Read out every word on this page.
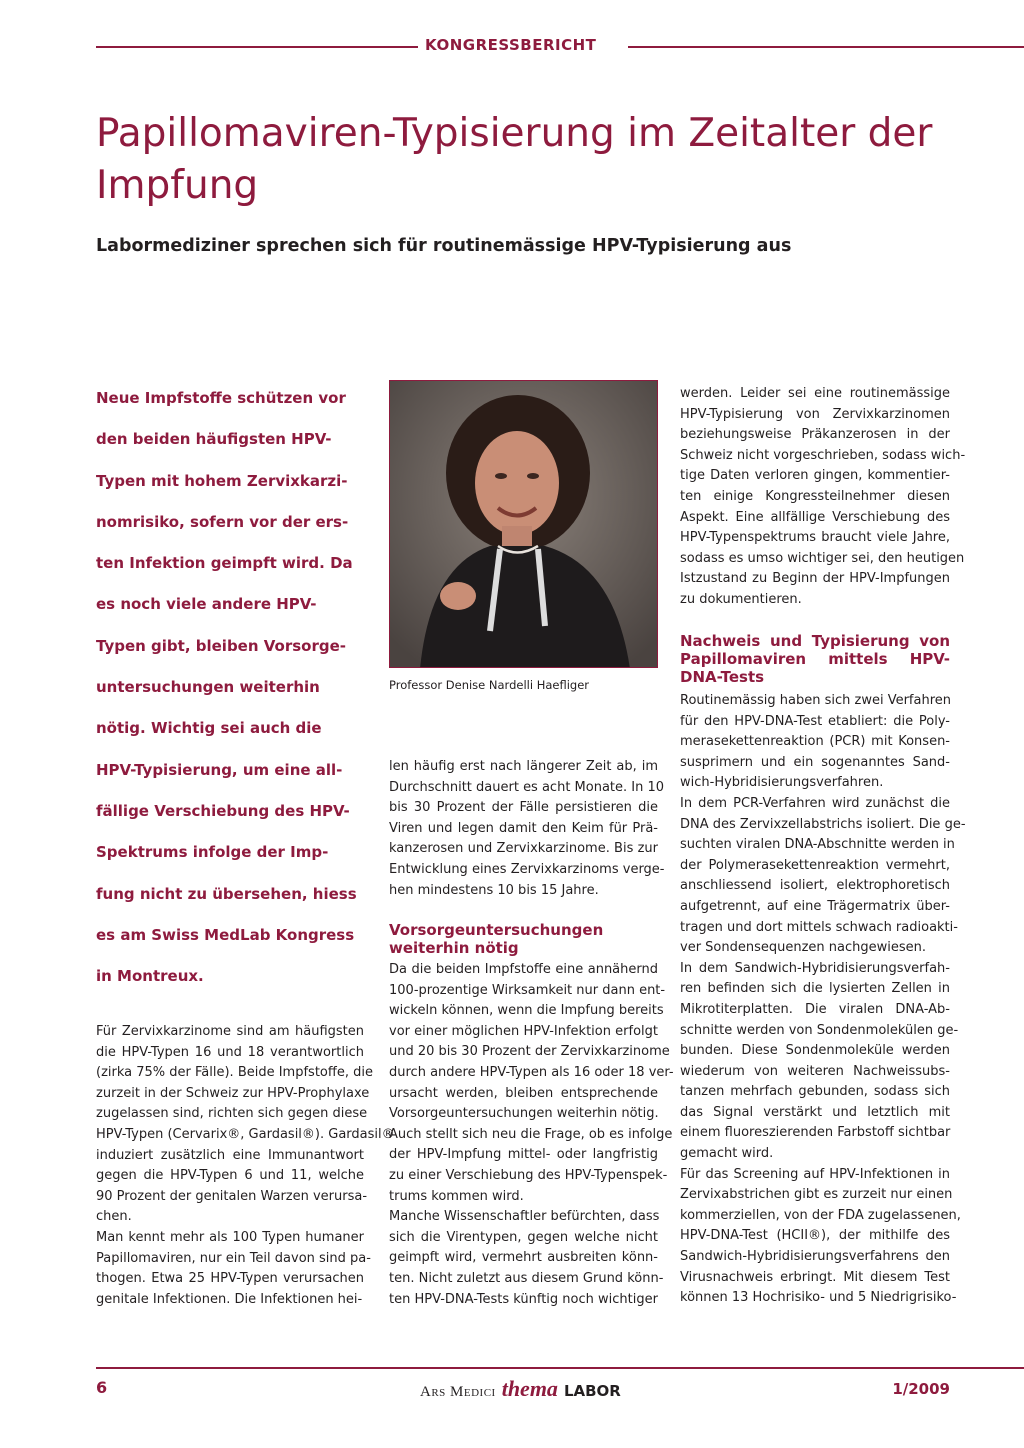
KONGRESSBERICHT
Papillomaviren-Typisierung im Zeitalter der Impfung
Labormediziner sprechen sich für routinemässige HPV-Typisierung aus
Neue Impfstoffe schützen vor
den beiden häufigsten HPV-
Typen mit hohem Zervixkarzi-
nomrisiko, sofern vor der ers-
ten Infektion geimpft wird. Da
es noch viele andere HPV-
Typen gibt, bleiben Vorsorge-
untersuchungen weiterhin
nötig. Wichtig sei auch die
HPV-Typisierung, um eine all-
fällige Verschiebung des HPV-
Spektrums infolge der Imp-
fung nicht zu übersehen, hiess
es am Swiss MedLab Kongress
in Montreux.
Für Zervixkarzinome sind am häufigsten
die HPV-Typen 16 und 18 verantwortlich
(zirka 75% der Fälle). Beide Impfstoffe, die
zurzeit in der Schweiz zur HPV-Prophylaxe
zugelassen sind, richten sich gegen diese
HPV-Typen (Cervarix®, Gardasil®). Gardasil®
induziert zusätzlich eine Immunantwort
gegen die HPV-Typen 6 und 11, welche
90 Prozent der genitalen Warzen verursa-
chen.
Man kennt mehr als 100 Typen humaner
Papillomaviren, nur ein Teil davon sind pa-
thogen. Etwa 25 HPV-Typen verursachen
genitale Infektionen. Die Infektionen hei-
Professor Denise Nardelli Haefliger
len häufig erst nach längerer Zeit ab, im
Durchschnitt dauert es acht Monate. In 10
bis 30 Prozent der Fälle persistieren die
Viren und legen damit den Keim für Prä-
kanzerosen und Zervixkarzinome. Bis zur
Entwicklung eines Zervixkarzinoms verge-
hen mindestens 10 bis 15 Jahre.

Vorsorgeuntersuchungen weiterhin nötig

Da die beiden Impfstoffe eine annähernd
100-prozentige Wirksamkeit nur dann ent-
wickeln können, wenn die Impfung bereits
vor einer möglichen HPV-Infektion erfolgt
und 20 bis 30 Prozent der Zervixkarzinome
durch andere HPV-Typen als 16 oder 18 ver-
ursacht werden, bleiben entsprechende
Vorsorgeuntersuchungen weiterhin nötig.
Auch stellt sich neu die Frage, ob es infolge
der HPV-Impfung mittel- oder langfristig
zu einer Verschiebung des HPV-Typenspek-
trums kommen wird.
Manche Wissenschaftler befürchten, dass
sich die Virentypen, gegen welche nicht
geimpft wird, vermehrt ausbreiten könn-
ten. Nicht zuletzt aus diesem Grund könn-
ten HPV-DNA-Tests künftig noch wichtiger
werden. Leider sei eine routinemässige
HPV-Typisierung von Zervixkarzinomen
beziehungsweise Präkanzerosen in der
Schweiz nicht vorgeschrieben, sodass wich-
tige Daten verloren gingen, kommentier-
ten einige Kongressteilnehmer diesen
Aspekt. Eine allfällige Verschiebung des
HPV-Typenspektrums braucht viele Jahre,
sodass es umso wichtiger sei, den heutigen
Istzustand zu Beginn der HPV-Impfungen
zu dokumentieren.

Nachweis und Typisierung von Papillomaviren mittels HPV-DNA-Tests

Routinemässig haben sich zwei Verfahren
für den HPV-DNA-Test etabliert: die Poly-
merasekettenreaktion (PCR) mit Konsen-
susprimern und ein sogenanntes Sand-
wich-Hybridisierungsverfahren.
In dem PCR-Verfahren wird zunächst die
DNA des Zervixzellabstrichs isoliert. Die ge-
suchten viralen DNA-Abschnitte werden in
der Polymerasekettenreaktion vermehrt,
anschliessend isoliert, elektrophoretisch
aufgetrennt, auf eine Trägermatrix über-
tragen und dort mittels schwach radioakti-
ver Sondensequenzen nachgewiesen.
In dem Sandwich-Hybridisierungsverfah-
ren befinden sich die lysierten Zellen in
Mikrotiterplatten. Die viralen DNA-Ab-
schnitte werden von Sondenmolekülen ge-
bunden. Diese Sondenmoleküle werden
wiederum von weiteren Nachweissubs-
tanzen mehrfach gebunden, sodass sich
das Signal verstärkt und letztlich mit
einem fluoreszierenden Farbstoff sichtbar
gemacht wird.
Für das Screening auf HPV-Infektionen in
Zervixabstrichen gibt es zurzeit nur einen
kommerziellen, von der FDA zugelassenen,
HPV-DNA-Test (HCII®), der mithilfe des
Sandwich-Hybridisierungsverfahrens den
Virusnachweis erbringt. Mit diesem Test
können 13 Hochrisiko- und 5 Niedrigrisiko-
6	Ars Medici thema LABOR	1/2009
